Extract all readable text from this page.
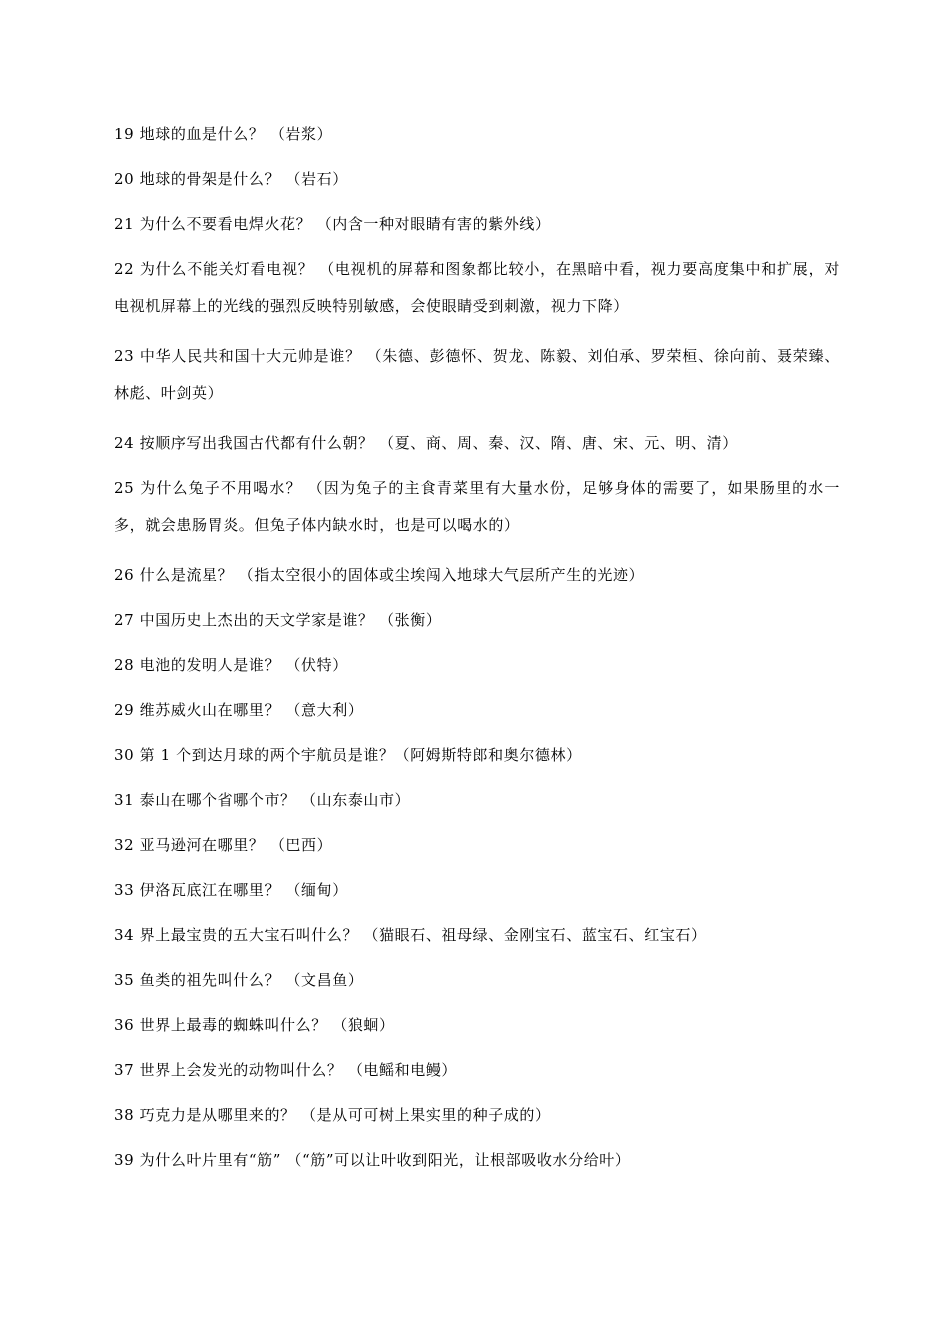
19 地球的血是什么？ （岩浆）

20 地球的骨架是什么？ （岩石）

21 为什么不要看电焊火花？ （内含一种对眼睛有害的紫外线）

22 为什么不能关灯看电视？ （电视机的屏幕和图象都比较小，在黑暗中看，视力要高度集中和扩展，对电视机屏幕上的光线的强烈反映特别敏感，会使眼睛受到刺激，视力下降）

23 中华人民共和国十大元帅是谁？ （朱德、彭德怀、贺龙、陈毅、刘伯承、罗荣桓、徐向前、聂荣臻、林彪、叶剑英）

24 按顺序写出我国古代都有什么朝？ （夏、商、周、秦、汉、隋、唐、宋、元、明、清）

25 为什么兔子不用喝水？ （因为兔子的主食青菜里有大量水份，足够身体的需要了，如果肠里的水一多，就会患肠胃炎。但兔子体内缺水时，也是可以喝水的）

26 什么是流星？ （指太空很小的固体或尘埃闯入地球大气层所产生的光迹）

27 中国历史上杰出的天文学家是谁？ （张衡）

28 电池的发明人是谁？ （伏特）

29 维苏威火山在哪里？ （意大利）

30 第 1 个到达月球的两个宇航员是谁？（阿姆斯特郎和奥尔德林）

31 泰山在哪个省哪个市？ （山东泰山市）

32 亚马逊河在哪里？ （巴西）

33 伊洛瓦底江在哪里？ （缅甸）

34 界上最宝贵的五大宝石叫什么？ （猫眼石、祖母绿、金刚宝石、蓝宝石、红宝石）

35 鱼类的祖先叫什么？ （文昌鱼）

36 世界上最毒的蜘蛛叫什么？ （狼蛔）

37 世界上会发光的动物叫什么？ （电鳐和电鳗）

38 巧克力是从哪里来的？ （是从可可树上果实里的种子成的）

39 为什么叶片里有“筋” （“筋”可以让叶收到阳光，让根部吸收水分给叶）
